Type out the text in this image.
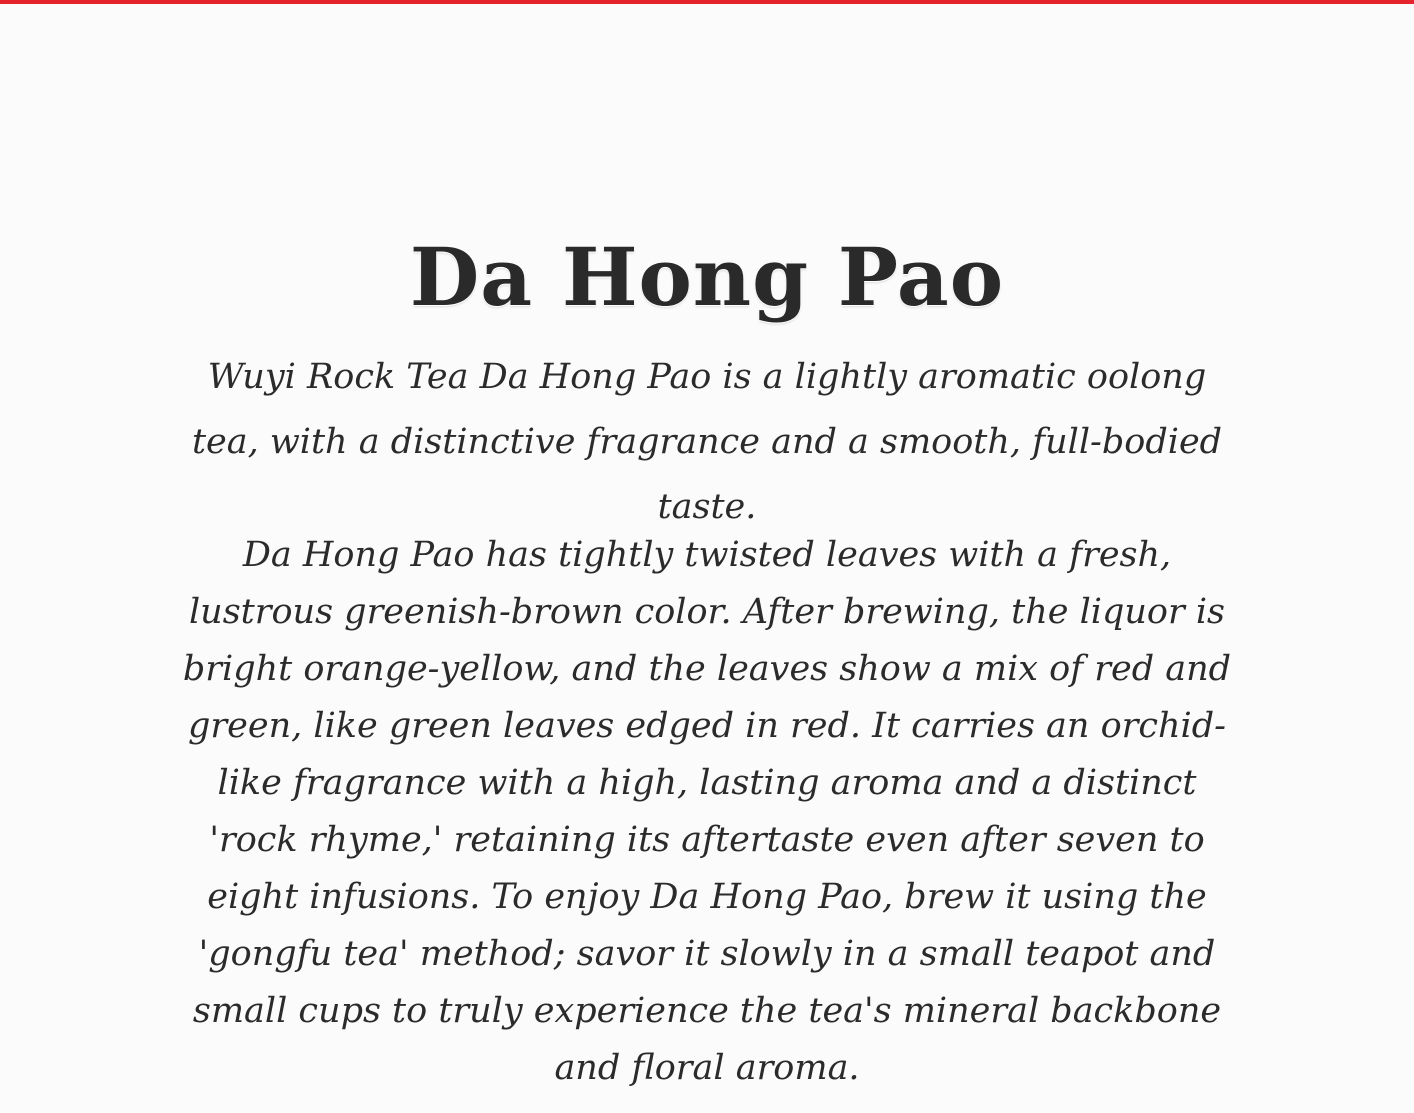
Da Hong Pao

Wuyi Rock Tea Da Hong Pao is a lightly aromatic oolong tea, with a distinctive fragrance and a smooth, full-bodied taste.

Da Hong Pao has tightly twisted leaves with a fresh, lustrous greenish-brown color. After brewing, the liquor is bright orange-yellow, and the leaves show a mix of red and green, like green leaves edged in red. It carries an orchid-like fragrance with a high, lasting aroma and a distinct 'rock rhyme,' retaining its aftertaste even after seven to eight infusions. To enjoy Da Hong Pao, brew it using the 'gongfu tea' method; savor it slowly in a small teapot and small cups to truly experience the tea's mineral backbone and floral aroma.
